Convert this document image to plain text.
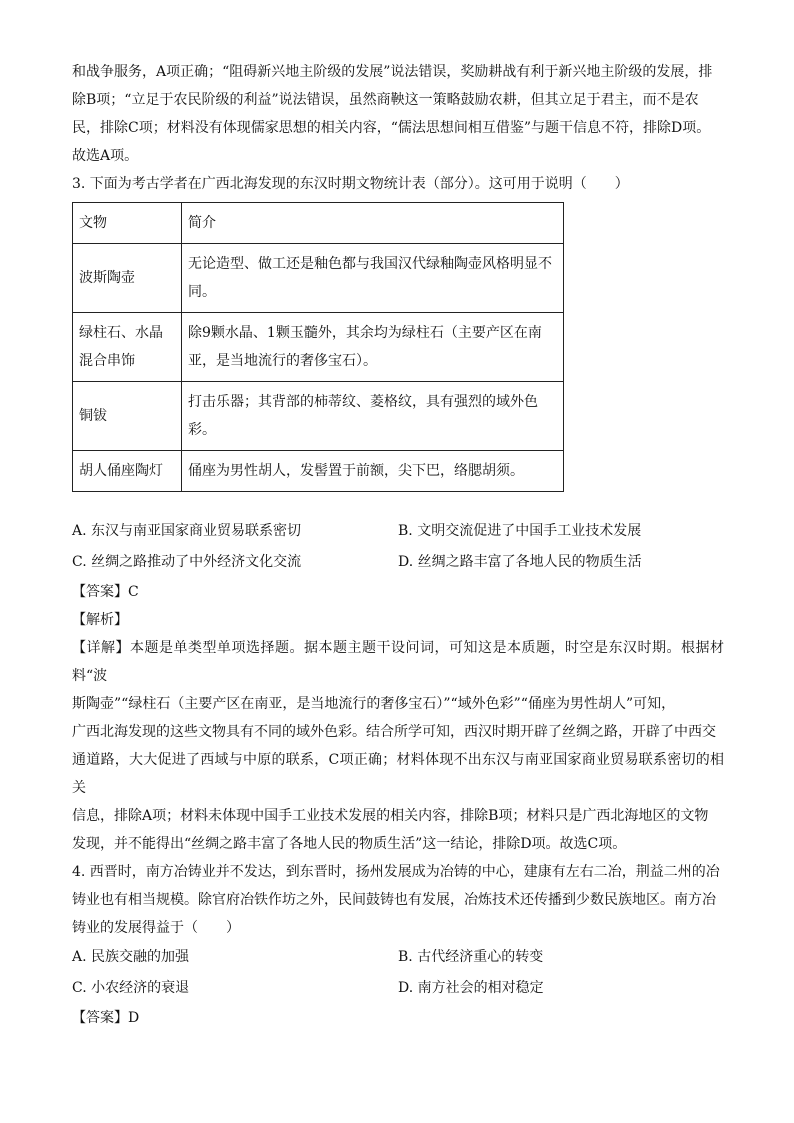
和战争服务，A项正确；“阻碍新兴地主阶级的发展”说法错误，奖励耕战有利于新兴地主阶级的发展，排

除B项；“立足于农民阶级的利益”说法错误，虽然商鞅这一策略鼓励农耕，但其立足于君主，而不是农

民，排除C项；材料没有体现儒家思想的相关内容，“儒法思想间相互借鉴”与题干信息不符，排除D项。

故选A项。

3. 下面为考古学者在广西北海发现的东汉时期文物统计表（部分）。这可用于说明（　　）

文物	简介
波斯陶壶	无论造型、做工还是釉色都与我国汉代绿釉陶壶风格明显不同。
绿柱石、水晶混合串饰	除9颗水晶、1颗玉髓外，其余均为绿柱石（主要产区在南亚，是当地流行的奢侈宝石）。
铜钹	打击乐器；其背部的柿蒂纹、菱格纹，具有强烈的域外色彩。
胡人俑座陶灯	俑座为男性胡人，发髻置于前额，尖下巴，络腮胡须。
A. 东汉与南亚国家商业贸易联系密切	B. 文明交流促进了中国手工业技术发展
C. 丝绸之路推动了中外经济文化交流	D. 丝绸之路丰富了各地人民的物质生活

【答案】C

【解析】

【详解】本题是单类型单项选择题。据本题主题干设问词，可知这是本质题，时空是东汉时期。根据材料“波

斯陶壶”“绿柱石（主要产区在南亚，是当地流行的奢侈宝石）”“域外色彩”“俑座为男性胡人”可知，

广西北海发现的这些文物具有不同的域外色彩。结合所学可知，西汉时期开辟了丝绸之路，开辟了中西交

通道路，大大促进了西域与中原的联系，C项正确；材料体现不出东汉与南亚国家商业贸易联系密切的相关

信息，排除A项；材料未体现中国手工业技术发展的相关内容，排除B项；材料只是广西北海地区的文物

发现，并不能得出“丝绸之路丰富了各地人民的物质生活”这一结论，排除D项。故选C项。

4. 西晋时，南方冶铸业并不发达，到东晋时，扬州发展成为冶铸的中心，建康有左右二冶，荆益二州的冶

铸业也有相当规模。除官府冶铁作坊之外，民间鼓铸也有发展，冶炼技术还传播到少数民族地区。南方冶

铸业的发展得益于（　　）

A. 民族交融的加强	B. 古代经济重心的转变
C. 小农经济的衰退	D. 南方社会的相对稳定

【答案】D
